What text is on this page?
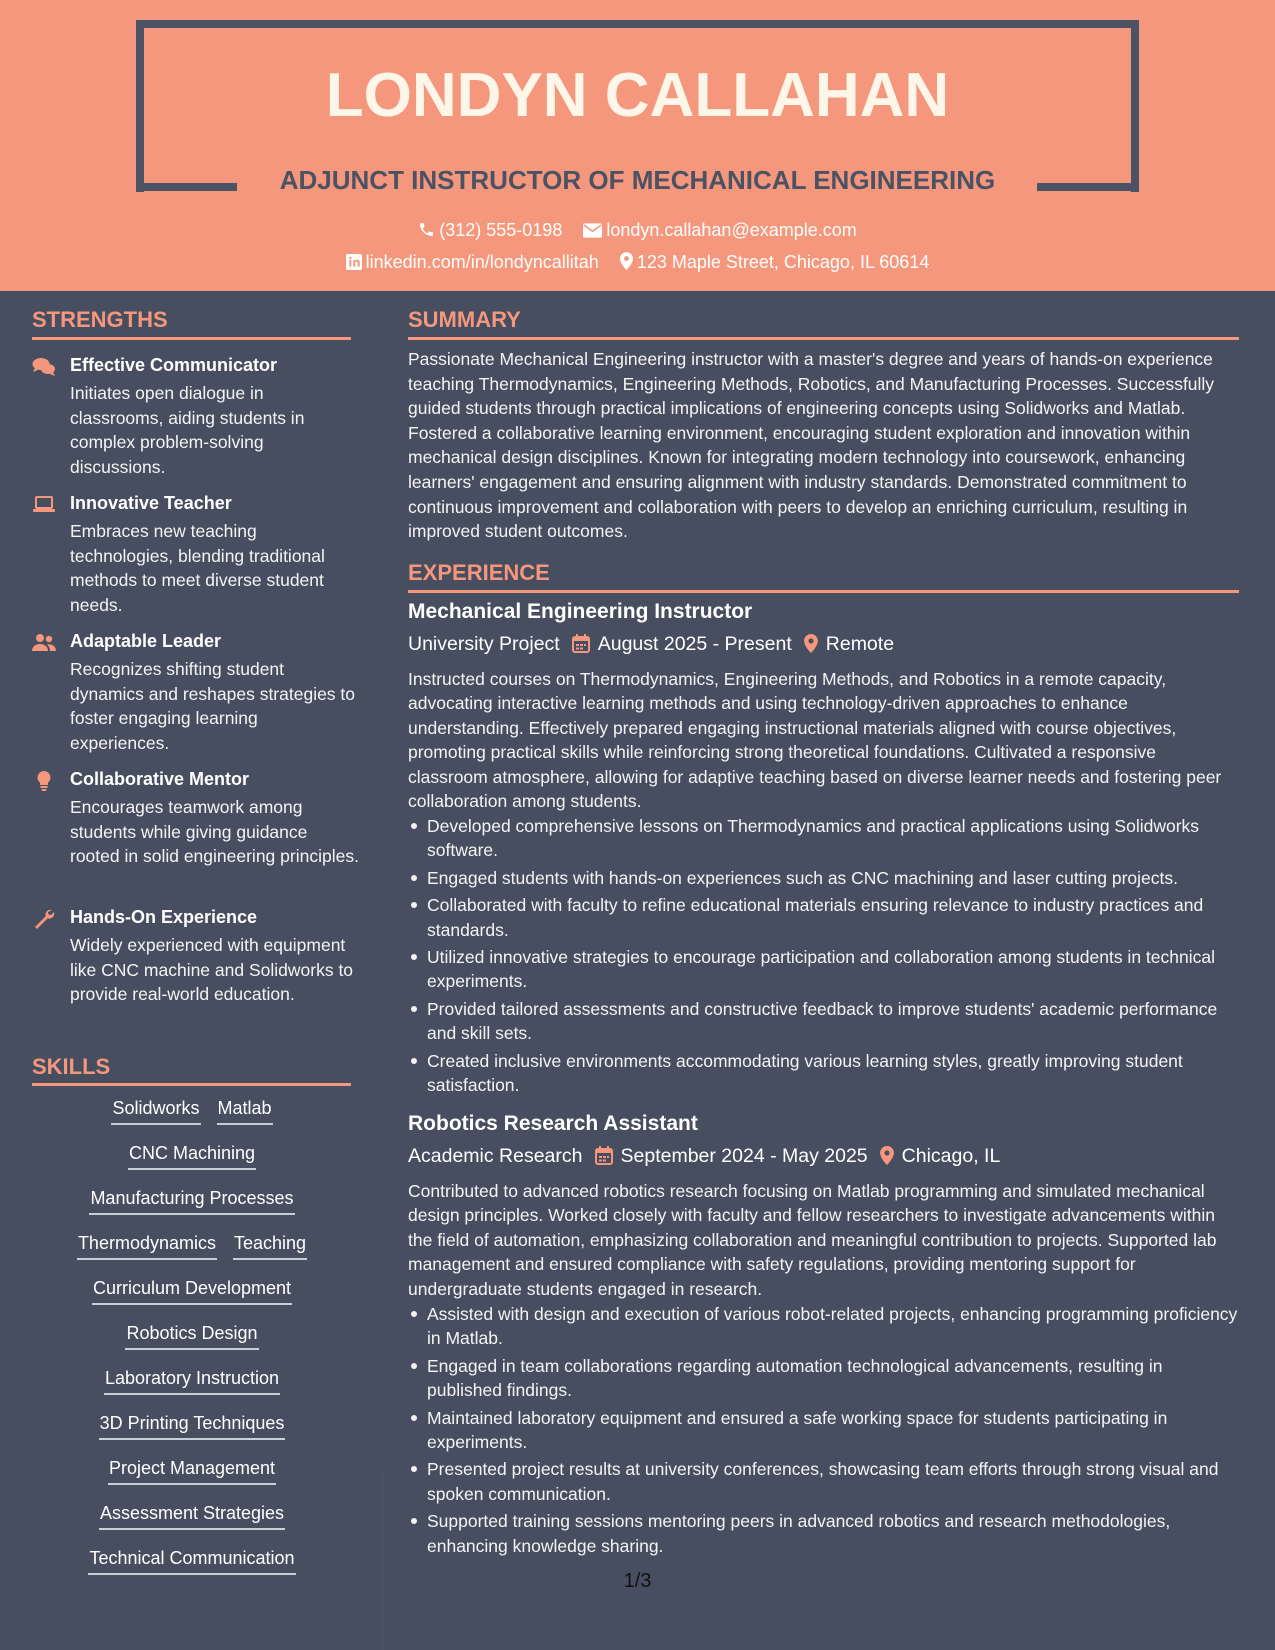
LONDYN CALLAHAN
ADJUNCT INSTRUCTOR OF MECHANICAL ENGINEERING
(312) 555-0198 londyn.callahan@example.com
linkedin.com/in/londyncallitah 123 Maple Street, Chicago, IL 60614
STRENGTHS
Effective Communicator
Initiates open dialogue in classrooms, aiding students in complex problem-solving discussions.
Innovative Teacher
Embraces new teaching technologies, blending traditional methods to meet diverse student needs.
Adaptable Leader
Recognizes shifting student dynamics and reshapes strategies to foster engaging learning experiences.
Collaborative Mentor
Encourages teamwork among students while giving guidance rooted in solid engineering principles.
Hands-On Experience
Widely experienced with equipment like CNC machine and Solidworks to provide real-world education.
SKILLS
Solidworks Matlab
CNC Machining
Manufacturing Processes
Thermodynamics Teaching
Curriculum Development
Robotics Design
Laboratory Instruction
3D Printing Techniques
Project Management
Assessment Strategies
Technical Communication
SUMMARY
Passionate Mechanical Engineering instructor with a master's degree and years of hands-on experience teaching Thermodynamics, Engineering Methods, Robotics, and Manufacturing Processes. Successfully guided students through practical implications of engineering concepts using Solidworks and Matlab. Fostered a collaborative learning environment, encouraging student exploration and innovation within mechanical design disciplines. Known for integrating modern technology into coursework, enhancing learners' engagement and ensuring alignment with industry standards. Demonstrated commitment to continuous improvement and collaboration with peers to develop an enriching curriculum, resulting in improved student outcomes.
EXPERIENCE
Mechanical Engineering Instructor
University Project August 2025 - Present Remote
Instructed courses on Thermodynamics, Engineering Methods, and Robotics in a remote capacity, advocating interactive learning methods and using technology-driven approaches to enhance understanding. Effectively prepared engaging instructional materials aligned with course objectives, promoting practical skills while reinforcing strong theoretical foundations. Cultivated a responsive classroom atmosphere, allowing for adaptive teaching based on diverse learner needs and fostering peer collaboration among students.
Developed comprehensive lessons on Thermodynamics and practical applications using Solidworks software.
Engaged students with hands-on experiences such as CNC machining and laser cutting projects.
Collaborated with faculty to refine educational materials ensuring relevance to industry practices and standards.
Utilized innovative strategies to encourage participation and collaboration among students in technical experiments.
Provided tailored assessments and constructive feedback to improve students' academic performance and skill sets.
Created inclusive environments accommodating various learning styles, greatly improving student satisfaction.
Robotics Research Assistant
Academic Research September 2024 - May 2025 Chicago, IL
Contributed to advanced robotics research focusing on Matlab programming and simulated mechanical design principles. Worked closely with faculty and fellow researchers to investigate advancements within the field of automation, emphasizing collaboration and meaningful contribution to projects. Supported lab management and ensured compliance with safety regulations, providing mentoring support for undergraduate students engaged in research.
Assisted with design and execution of various robot-related projects, enhancing programming proficiency in Matlab.
Engaged in team collaborations regarding automation technological advancements, resulting in published findings.
Maintained laboratory equipment and ensured a safe working space for students participating in experiments.
Presented project results at university conferences, showcasing team efforts through strong visual and spoken communication.
Supported training sessions mentoring peers in advanced robotics and research methodologies, enhancing knowledge sharing.
1/3
